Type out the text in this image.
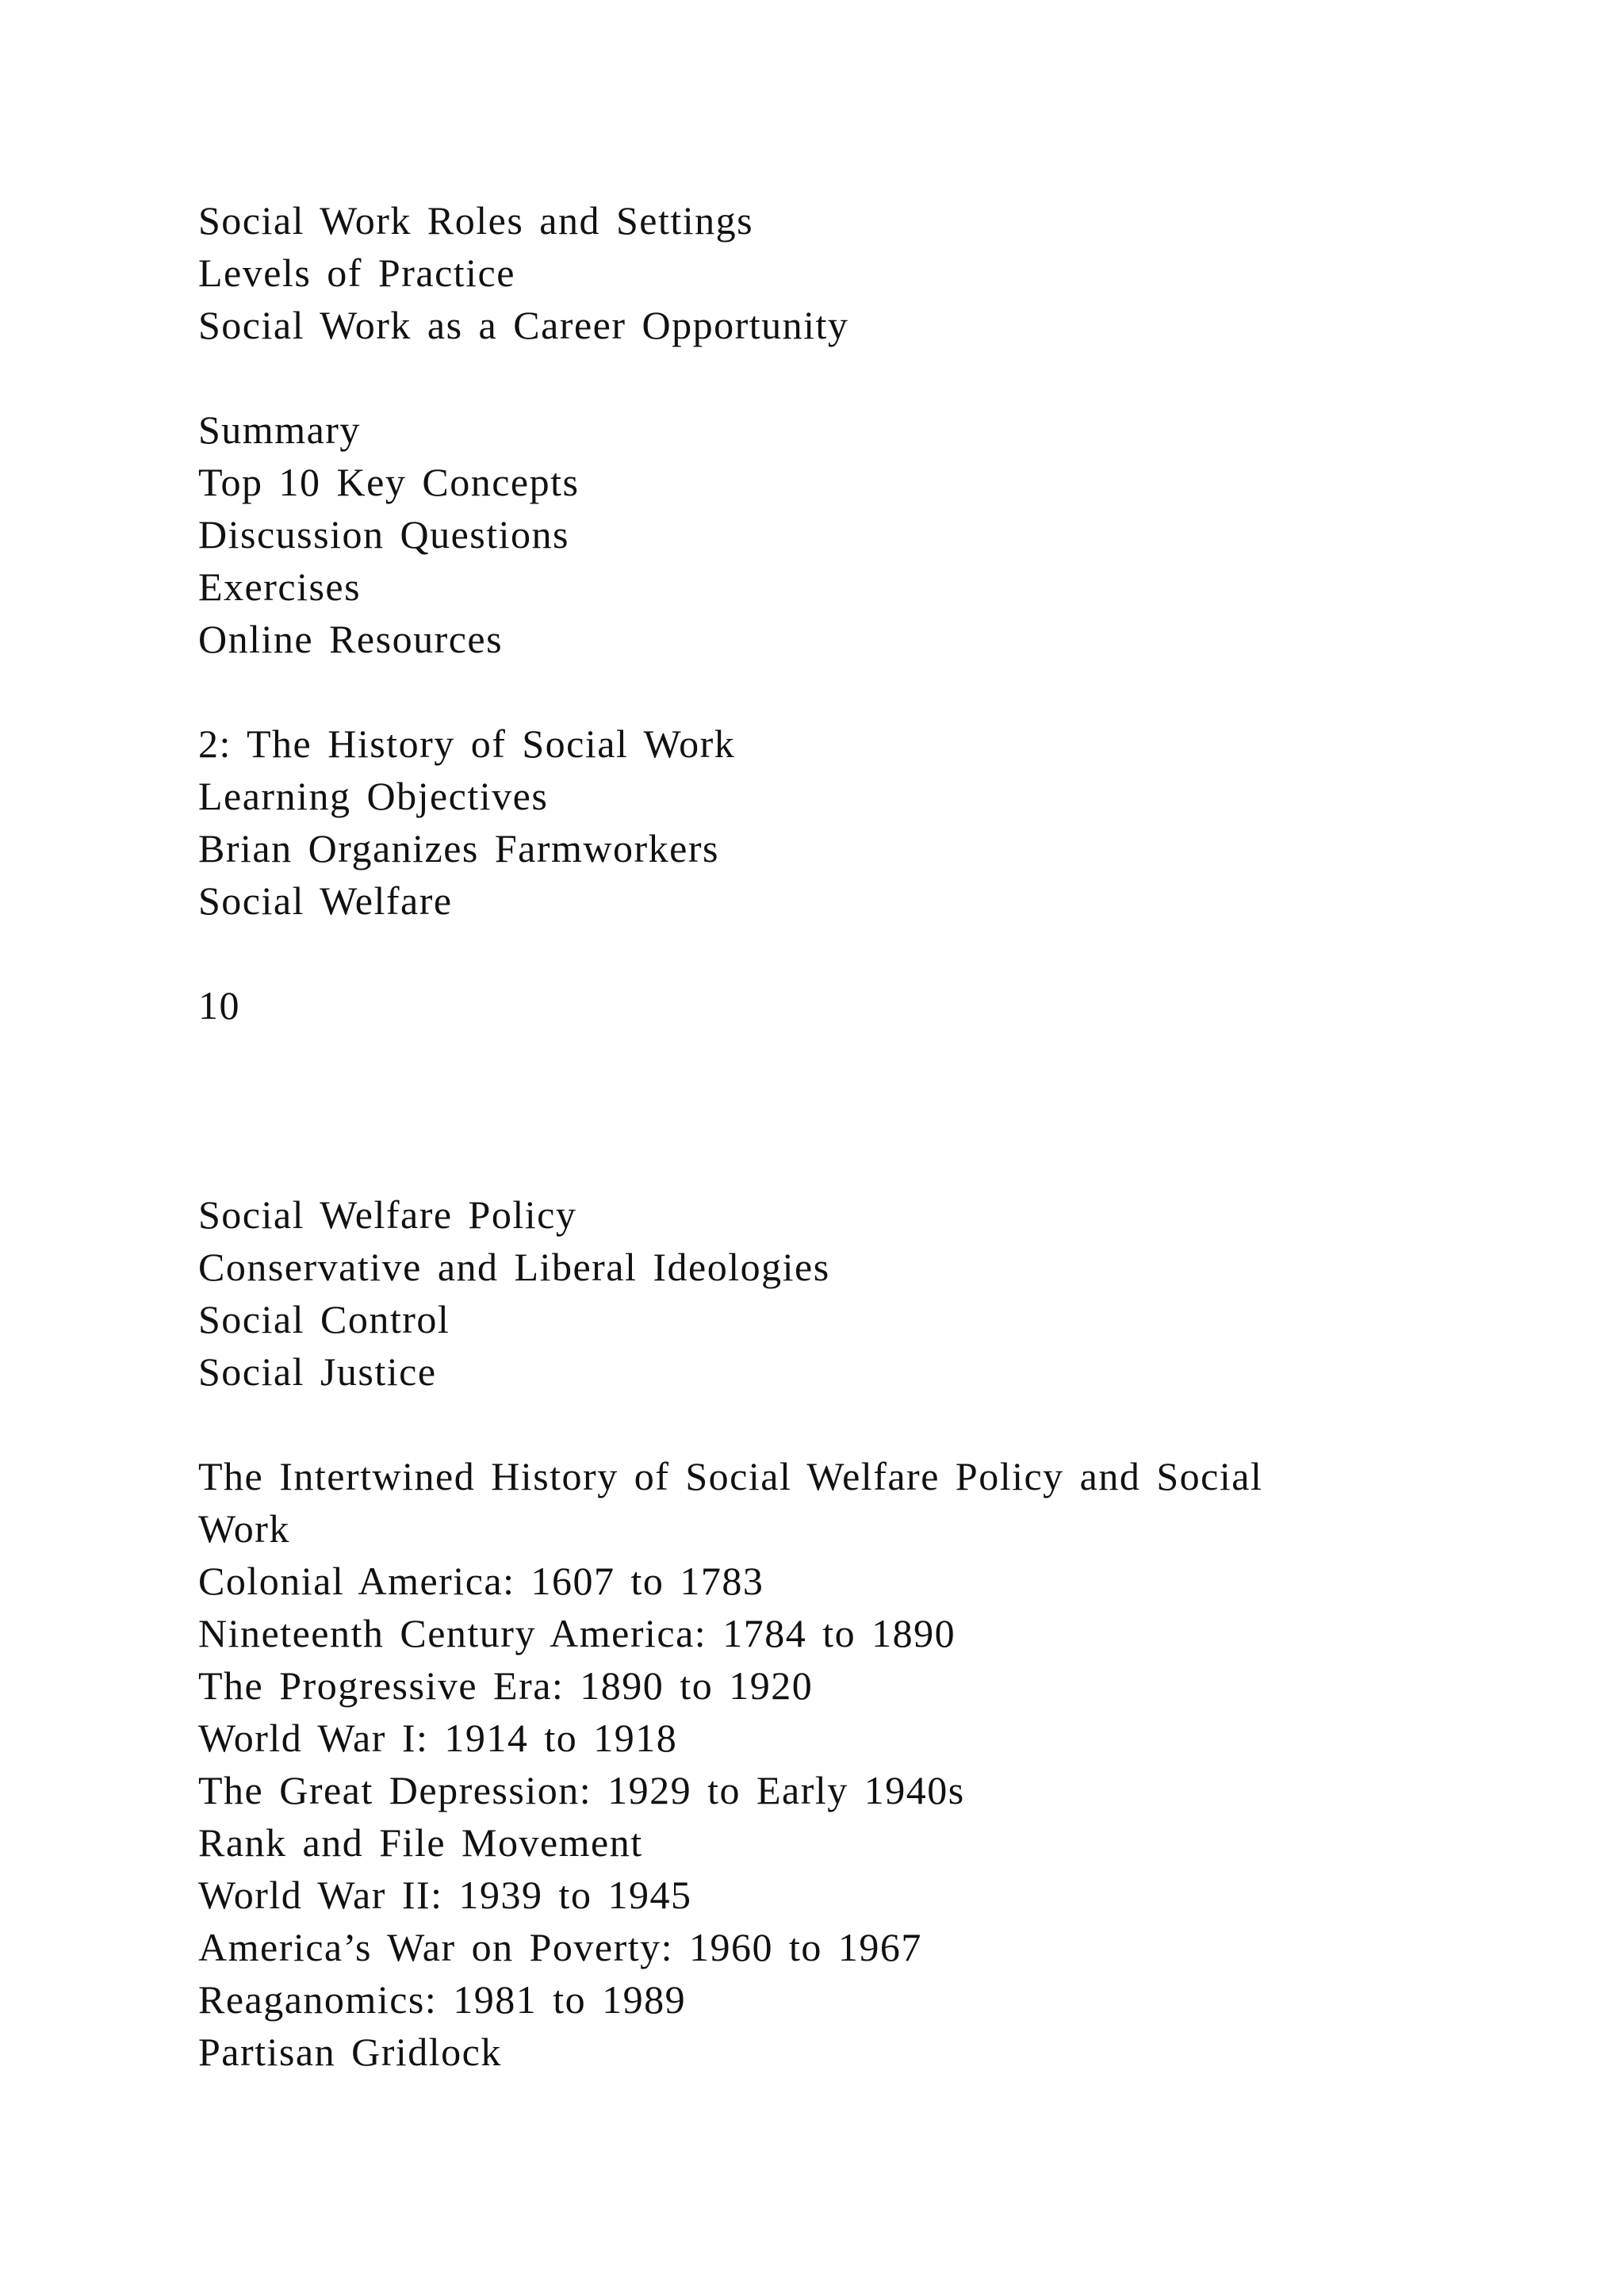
Social Work Roles and Settings

Levels of Practice

Social Work as a Career Opportunity

Summary

Top 10 Key Concepts

Discussion Questions

Exercises

Online Resources

2: The History of Social Work

Learning Objectives

Brian Organizes Farmworkers

Social Welfare

10

Social Welfare Policy

Conservative and Liberal Ideologies

Social Control

Social Justice

The Intertwined History of Social Welfare Policy and Social

Work

Colonial America: 1607 to 1783

Nineteenth Century America: 1784 to 1890

The Progressive Era: 1890 to 1920

World War I: 1914 to 1918

The Great Depression: 1929 to Early 1940s

Rank and File Movement

World War II: 1939 to 1945

America’s War on Poverty: 1960 to 1967

Reaganomics: 1981 to 1989

Partisan Gridlock
